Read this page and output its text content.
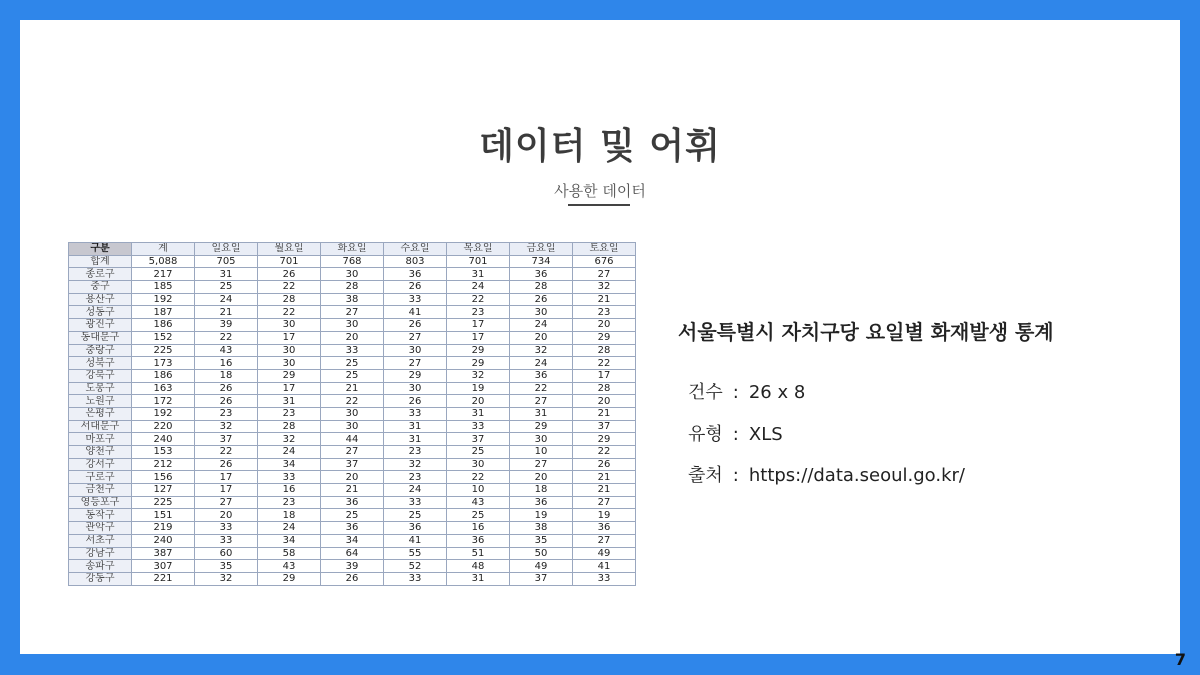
데이터 및 어휘
사용한 데이터
구분	계	일요일	월요일	화요일	수요일	목요일	금요일	토요일
합계	5,088	705	701	768	803	701	734	676
종로구	217	31	26	30	36	31	36	27
중구	185	25	22	28	26	24	28	32
용산구	192	24	28	38	33	22	26	21
성동구	187	21	22	27	41	23	30	23
광진구	186	39	30	30	26	17	24	20
동대문구	152	22	17	20	27	17	20	29
중랑구	225	43	30	33	30	29	32	28
성북구	173	16	30	25	27	29	24	22
강북구	186	18	29	25	29	32	36	17
도봉구	163	26	17	21	30	19	22	28
노원구	172	26	31	22	26	20	27	20
은평구	192	23	23	30	33	31	31	21
서대문구	220	32	28	30	31	33	29	37
마포구	240	37	32	44	31	37	30	29
양천구	153	22	24	27	23	25	10	22
강서구	212	26	34	37	32	30	27	26
구로구	156	17	33	20	23	22	20	21
금천구	127	17	16	21	24	10	18	21
영등포구	225	27	23	36	33	43	36	27
동작구	151	20	18	25	25	25	19	19
관악구	219	33	24	36	36	16	38	36
서초구	240	33	34	34	41	36	35	27
강남구	387	60	58	64	55	51	50	49
송파구	307	35	43	39	52	48	49	41
강동구	221	32	29	26	33	31	37	33
서울특별시 자치구당 요일별 화재발생 통계
건수 : 26 x 8
유형 : XLS
출처 : https://data.seoul.go.kr/
7
